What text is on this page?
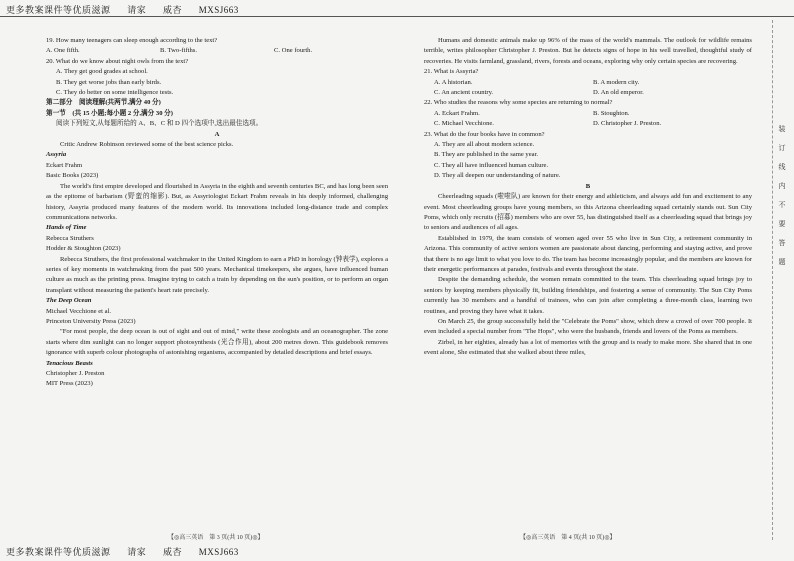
更多教案课件等优质滋源 请家 威杏 MXSJ663

19. How many teenagers can sleep enough according to the text?

A. One fifth.	B. Two-fifths.	C. One fourth.

20. What do we know about night owls from the text?

A. They get good grades at school.

B. They get worse jobs than early birds.

C. They do better on some intelligence tests.

第二部分　阅读理解(共两节,满分 40 分)

第一节　(共 15 小题;每小题 2 分,满分 30 分)

阅读下列短文,从每题所给的 A、B、C 和 D 四个选项中,选出最佳选项。

A

Critic Andrew Robinson reviewed some of the best science picks.

Assyria

Eckart Frahm

Basic Books (2023)

The world's first empire developed and flourished in Assyria in the eighth and seventh centuries BC, and has long been seen as the epitome of barbarism (野蛮的缩影). But, as Assyriologist Eckart Frahm reveals in his deeply informed, challenging history, Assyria produced many features of the modern world. Its innovations included long-distance trade and complex communications networks.

Hands of Time

Rebecca Struthers

Hodder & Stoughton (2023)

Rebecca Struthers, the first professional watchmaker in the United Kingdom to earn a PhD in horology (钟表学), explores a series of key moments in watchmaking from the past 500 years. Mechanical timekeepers, she argues, have influenced human culture as much as the printing press. Imagine trying to catch a train by depending on the sun's position, or to perform an organ transplant without measuring the patient's heart rate precisely.

The Deep Ocean

Michael Vecchione et al.

Princeton University Press (2023)

"For most people, the deep ocean is out of sight and out of mind," write these zoologists and an oceanographer. The zone starts where dim sunlight can no longer support photosynthesis (光合作用), about 200 metres down. This guidebook removes ignorance with superb colour photographs of astonishing organisms, accompanied by detailed descriptions and brief essays.

Tenacious Beasts

Christopher J. Preston

MIT Press (2023)

Humans and domestic animals make up 96% of the mass of the world's mammals. The outlook for wildlife remains terrible, writes philosopher Christopher J. Preston. But he detects signs of hope in his well travelled, thoughtful study of recoveries. He visits farmland, grassland, rivers, forests and oceans, exploring why only certain species are recovering.

21. What is Assyria?

A. A historian.	B. A modern city.
C. An ancient country.	D. An old emperor.

22. Who studies the reasons why some species are returning to normal?

A. Eckart Frahm.	B. Stoughton.
C. Michael Vecchione.	D. Christopher J. Preston.

23. What do the four books have in common?

A. They are all about modern science.

B. They are published in the same year.

C. They all have influenced human culture.

D. They all deepen our understanding of nature.

B

Cheerleading squads (啦啦队) are known for their energy and athleticism, and always add fun and excitement to any event. Most cheerleading groups have young members, so this Arizona cheerleading squad certainly stands out. Sun City Poms, which only recruits (招募) members who are over 55, has distinguished itself as a cheerleading squad that brings joy to seniors and audiences of all ages.

Established in 1979, the team consists of women aged over 55 who live in Sun City, a retirement community in Arizona. This community of active seniors women are passionate about dancing, performing and staying active, and prove that there is no age limit to what you love to do. The team has become increasingly popular, and the members are known for their energetic performances at parades, festivals and events throughout the state.

Despite the demanding schedule, the women remain committed to the team. This cheerleading squad brings joy to seniors by keeping members physically fit, building friendships, and fostering a sense of community. The Sun City Poms currently has 30 members and a handful of trainees, who can join after completing a three-month class, learning two routines, and proving they have what it takes.

On March 25, the group successfully held the "Celebrate the Poms" show, which drew a crowd of over 700 people. It even included a special number from "The Hops", who were the husbands, friends and lovers of the Poms as members.

Zirbel, in her eighties, already has a lot of memories with the group and is ready to make more. She shared that in one event alone, She estimated that she walked about three miles,

【◎高三英语　第 3 页(共 10 页)◎】	【◎高三英语　第 4 页(共 10 页)◎】
装
订
线
内
不
要
答
题
更多教案课件等优质滋源 请家 威杏 MXSJ663
